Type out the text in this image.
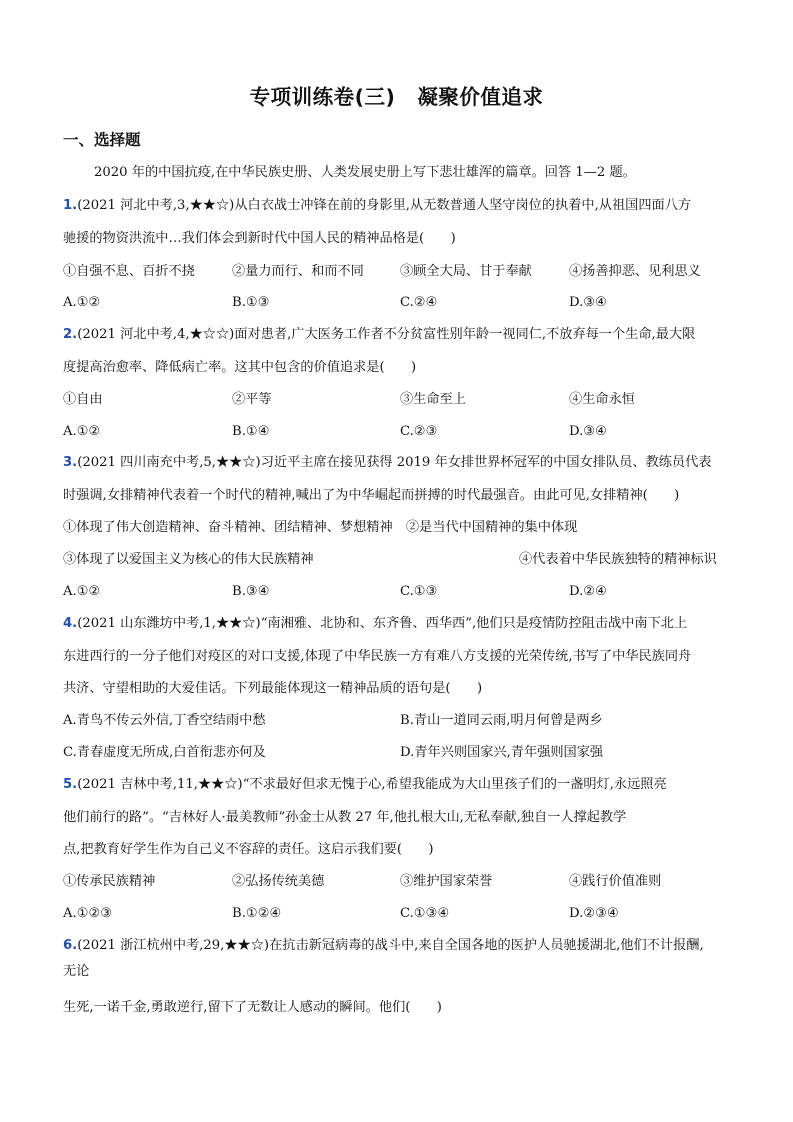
专项训练卷(三) 凝聚价值追求
一、选择题
2020 年的中国抗疫,在中华民族史册、人类发展史册上写下悲壮雄浑的篇章。回答 1—2 题。
1.(2021 河北中考,3,★★☆)从白衣战士冲锋在前的身影里,从无数普通人坚守岗位的执着中,从祖国四面八方
驰援的物资洪流中…我们体会到新时代中国人民的精神品格是(　　)
①自强不息、百折不挠	②量力而行、和而不同	③顾全大局、甘于奉献	④扬善抑恶、见利思义
A.①②	B.①③	C.②④	D.③④
2.(2021 河北中考,4,★☆☆)面对患者,广大医务工作者不分贫富性别年龄一视同仁,不放弃每一个生命,最大限
度提高治愈率、降低病亡率。这其中包含的价值追求是(　　)
①自由	②平等	③生命至上	④生命永恒
A.①②	B.①④	C.②③	D.③④
3.(2021 四川南充中考,5,★★☆)习近平主席在接见获得 2019 年女排世界杯冠军的中国女排队员、教练员代表
时强调,女排精神代表着一个时代的精神,喊出了为中华崛起而拼搏的时代最强音。由此可见,女排精神(　　)
①体现了伟大创造精神、奋斗精神、团结精神、梦想精神　②是当代中国精神的集中体现
③体现了以爱国主义为核心的伟大民族精神	④代表着中华民族独特的精神标识
A.①②	B.③④	C.①③	D.②④
4.(2021 山东潍坊中考,1,★★☆)“南湘雅、北协和、东齐鲁、西华西”,他们只是疫情防控阻击战中南下北上
东进西行的一分子他们对疫区的对口支援,体现了中华民族一方有难八方支援的光荣传统,书写了中华民族同舟
共济、守望相助的大爱佳话。下列最能体现这一精神品质的语句是(　　)
A.青鸟不传云外信,丁香空结雨中愁	B.青山一道同云雨,明月何曾是两乡
C.青春虚度无所成,白首衔悲亦何及	D.青年兴则国家兴,青年强则国家强
5.(2021 吉林中考,11,★★☆)“不求最好但求无愧于心,希望我能成为大山里孩子们的一盏明灯,永远照亮
他们前行的路”。“吉林好人·最美教师”孙金士从教 27 年,他扎根大山,无私奉献,独自一人撑起教学
点,把教育好学生作为自己义不容辞的责任。这启示我们要(　　)
①传承民族精神	②弘扬传统美德	③维护国家荣誉	④践行价值准则
A.①②③	B.①②④	C.①③④	D.②③④
6.(2021 浙江杭州中考,29,★★☆)在抗击新冠病毒的战斗中,来自全国各地的医护人员驰援湖北,他们不计报酬,
无论
生死,一诺千金,勇敢逆行,留下了无数让人感动的瞬间。他们(　　)
